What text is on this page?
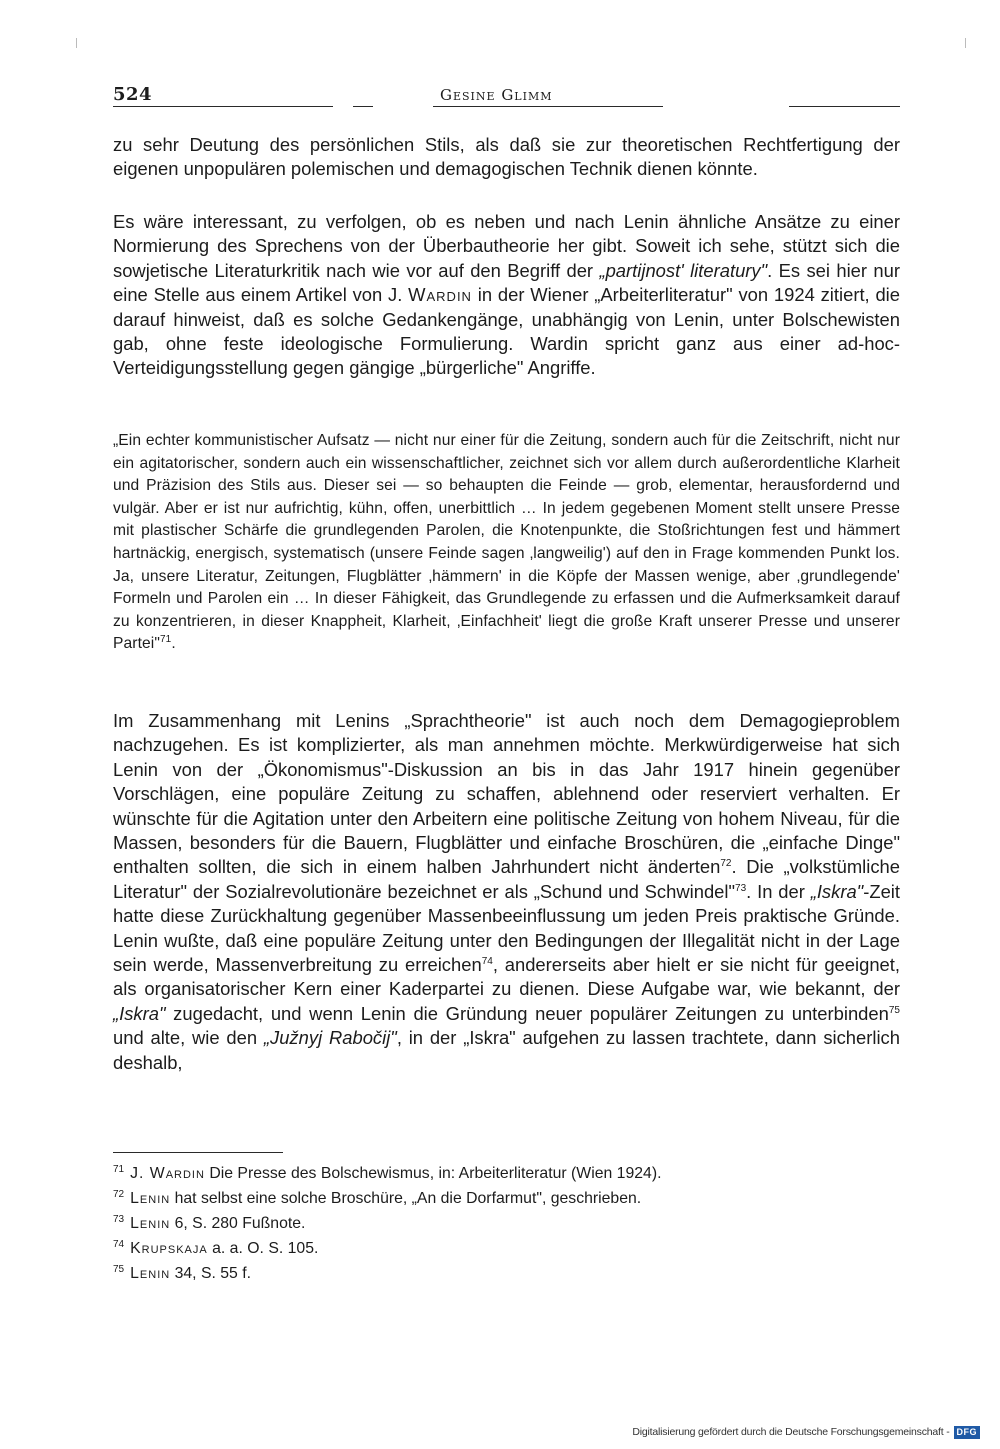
524	Gesine Glimm

zu sehr Deutung des persönlichen Stils, als daß sie zur theoretischen Rechtfertigung der eigenen unpopulären polemischen und demagogischen Technik dienen könnte.

Es wäre interessant, zu verfolgen, ob es neben und nach Lenin ähnliche Ansätze zu einer Normierung des Sprechens von der Überbautheorie her gibt. Soweit ich sehe, stützt sich die sowjetische Literaturkritik nach wie vor auf den Begriff der „partijnost' literatury". Es sei hier nur eine Stelle aus einem Artikel von J. Wardin in der Wiener „Arbeiterliteratur" von 1924 zitiert, die darauf hinweist, daß es solche Gedankengänge, unabhängig von Lenin, unter Bolschewisten gab, ohne feste ideologische Formulierung. Wardin spricht ganz aus einer ad-hoc-Verteidigungsstellung gegen gängige „bürgerliche" Angriffe.

„Ein echter kommunistischer Aufsatz — nicht nur einer für die Zeitung, sondern auch für die Zeitschrift, nicht nur ein agitatorischer, sondern auch ein wissenschaftlicher, zeichnet sich vor allem durch außerordentliche Klarheit und Präzision des Stils aus. Dieser sei — so behaupten die Feinde — grob, elementar, herausfordernd und vulgär. Aber er ist nur aufrichtig, kühn, offen, unerbittlich … In jedem gegebenen Moment stellt unsere Presse mit plastischer Schärfe die grundlegenden Parolen, die Knotenpunkte, die Stoßrichtungen fest und hämmert hartnäckig, energisch, systematisch (unsere Feinde sagen ‚langweilig') auf den in Frage kommenden Punkt los. Ja, unsere Literatur, Zeitungen, Flugblätter ‚hämmern' in die Köpfe der Massen wenige, aber ‚grundlegende' Formeln und Parolen ein … In dieser Fähigkeit, das Grundlegende zu erfassen und die Aufmerksamkeit darauf zu konzentrieren, in dieser Knappheit, Klarheit, ‚Einfachheit' liegt die große Kraft unserer Presse und unserer Partei"$^{71}$.

Im Zusammenhang mit Lenins „Sprachtheorie" ist auch noch dem Demagogieproblem nachzugehen. Es ist komplizierter, als man annehmen möchte. Merkwürdigerweise hat sich Lenin von der „Ökonomismus"-Diskussion an bis in das Jahr 1917 hinein gegenüber Vorschlägen, eine populäre Zeitung zu schaffen, ablehnend oder reserviert verhalten. Er wünschte für die Agitation unter den Arbeitern eine politische Zeitung von hohem Niveau, für die Massen, besonders für die Bauern, Flugblätter und einfache Broschüren, die „einfache Dinge" enthalten sollten, die sich in einem halben Jahrhundert nicht änderten$^{72}$. Die „volkstümliche Literatur" der Sozialrevolutionäre bezeichnet er als „Schund und Schwindel"$^{73}$. In der „Iskra"-Zeit hatte diese Zurückhaltung gegenüber Massenbeeinflussung um jeden Preis praktische Gründe. Lenin wußte, daß eine populäre Zeitung unter den Bedingungen der Illegalität nicht in der Lage sein werde, Massenverbreitung zu erreichen$^{74}$, andererseits aber hielt er sie nicht für geeignet, als organisatorischer Kern einer Kaderpartei zu dienen. Diese Aufgabe war, wie bekannt, der „Iskra" zugedacht, und wenn Lenin die Gründung neuer populärer Zeitungen zu unterbinden$^{75}$ und alte, wie den „Južnyj Rabočij", in der „Iskra" aufgehen zu lassen trachtete, dann sicherlich deshalb,

$^{71}$ J. Wardin Die Presse des Bolschewismus, in: Arbeiterliteratur (Wien 1924).

$^{72}$ Lenin hat selbst eine solche Broschüre, „An die Dorfarmut", geschrieben.

$^{73}$ Lenin 6, S. 280 Fußnote.

$^{74}$ Krupskaja a. a. O. S. 105.

$^{75}$ Lenin 34, S. 55 f.

Digitalisierung gefördert durch die Deutsche Forschungsgemeinschaft - DFG
